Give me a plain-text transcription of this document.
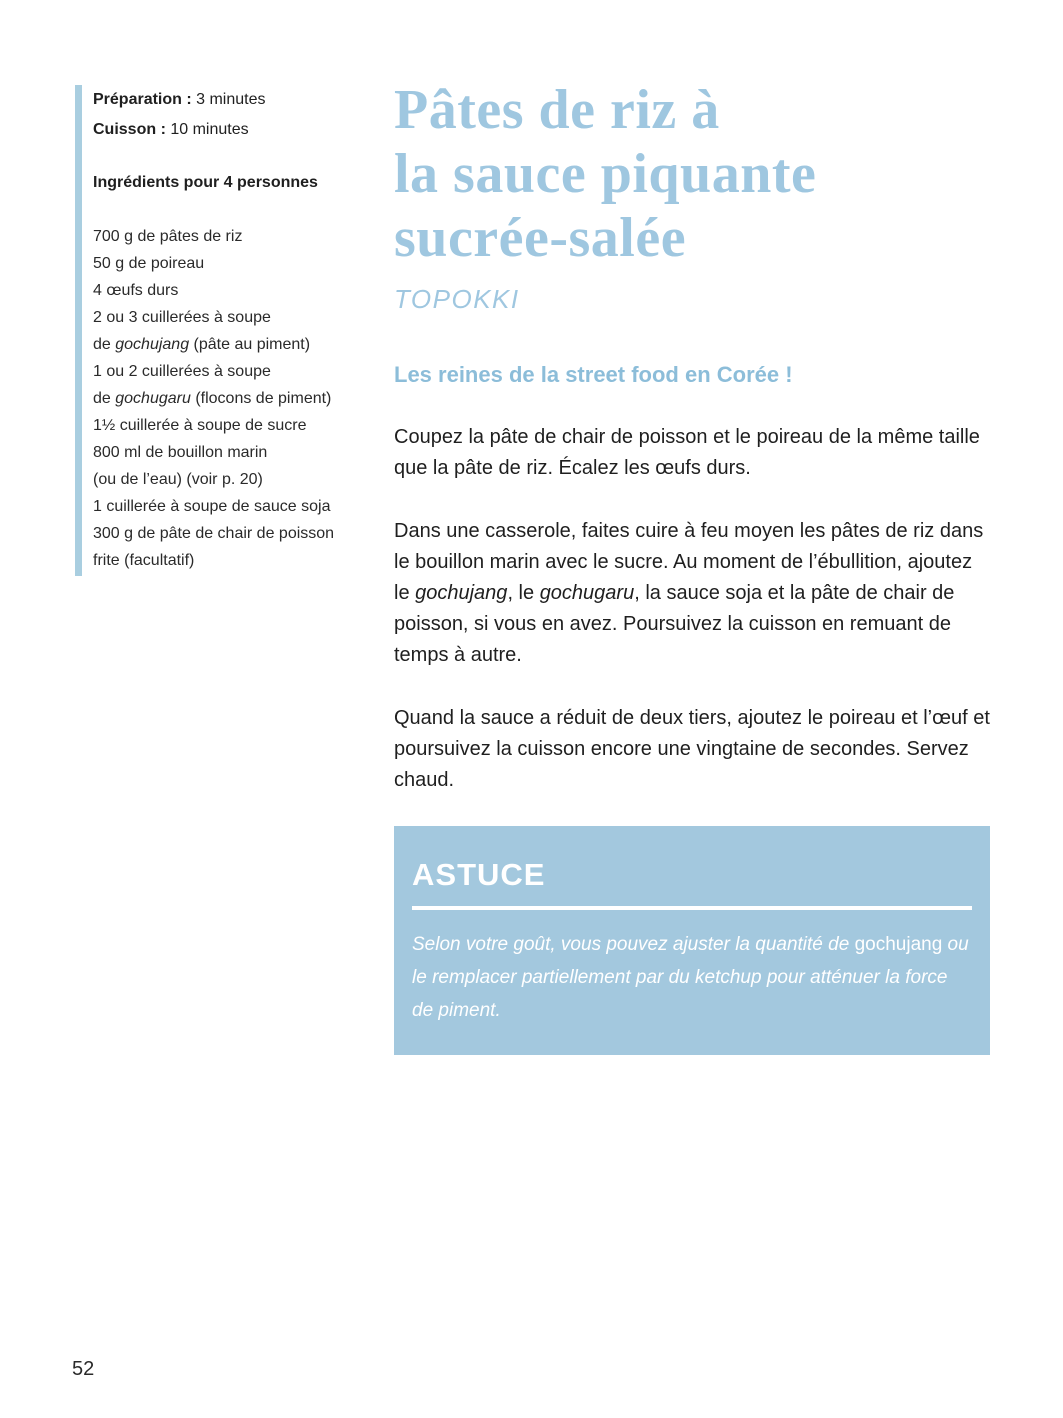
Préparation : 3 minutes
Cuisson : 10 minutes
Ingrédients pour 4 personnes
700 g de pâtes de riz
50 g de poireau
4 œufs durs
2 ou 3 cuillerées à soupe
de gochujang (pâte au piment)
1 ou 2 cuillerées à soupe
de gochugaru (flocons de piment)
1½ cuillerée à soupe de sucre
800 ml de bouillon marin
(ou de l’eau) (voir p. 20)
1 cuillerée à soupe de sauce soja
300 g de pâte de chair de poisson
frite (facultatif)
Pâtes de riz à
la sauce piquante
sucrée-salée
TOPOKKI
Les reines de la street food en Corée !

Coupez la pâte de chair de poisson et le poireau de la même taille que la pâte de riz. Écalez les œufs durs.

Dans une casserole, faites cuire à feu moyen les pâtes de riz dans le bouillon marin avec le sucre. Au moment de l’ébullition, ajoutez le gochujang, le gochugaru, la sauce soja et la pâte de chair de poisson, si vous en avez. Poursuivez la cuisson en remuant de temps à autre.

Quand la sauce a réduit de deux tiers, ajoutez le poireau et l’œuf et poursuivez la cuisson encore une vingtaine de secondes. Servez chaud.

ASTUCE

Selon votre goût, vous pouvez ajuster la quantité de gochujang ou le remplacer partiellement par du ketchup pour atténuer la force de piment.

52
